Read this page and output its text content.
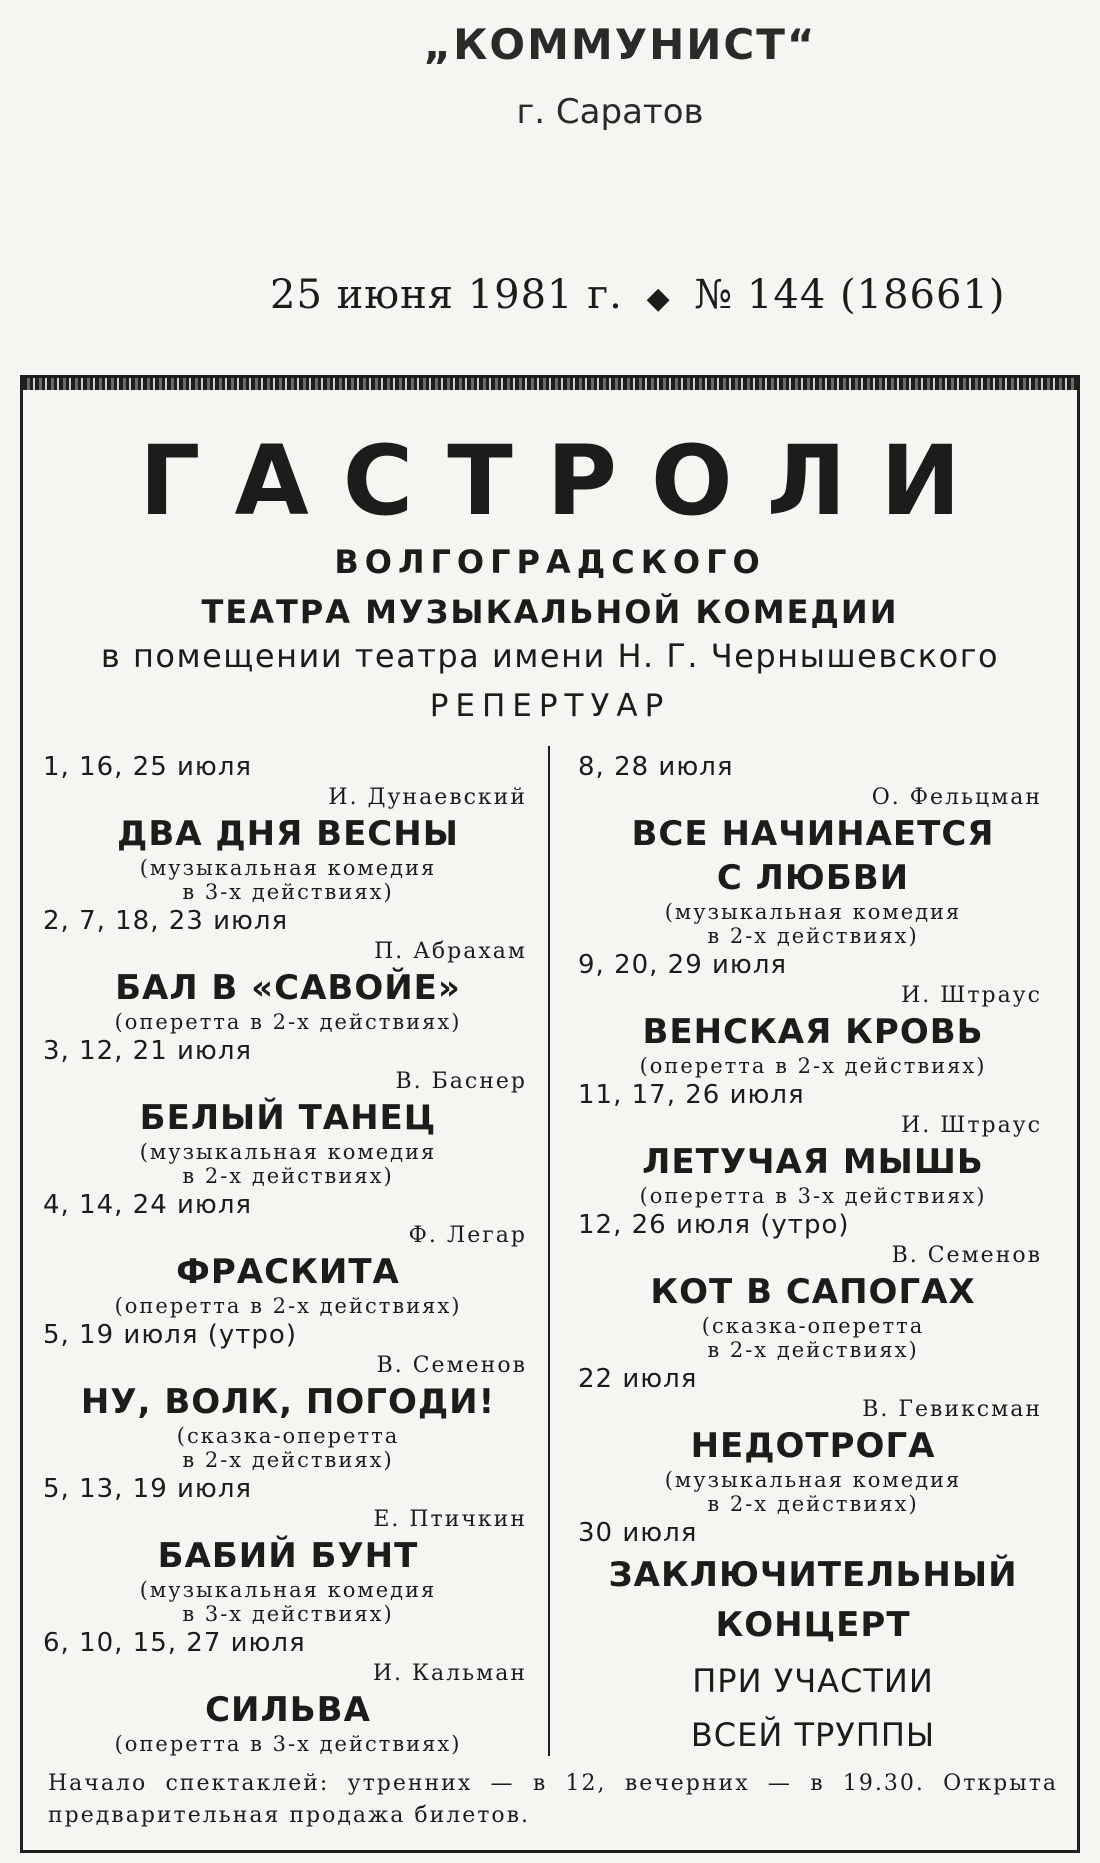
„КОММУНИСТ“
г. Саратов
25 июня 1981 г. ◆ № 144 (18661)
ГАСТРОЛИ
ВОЛГОГРАДСКОГО
ТЕАТРА МУЗЫКАЛЬНОЙ КОМЕДИИ
в помещении театра имени Н. Г. Чернышевского
РЕПЕРТУАР
1, 16, 25 июля
И. Дунаевский
ДВА ДНЯ ВЕСНЫ
(музыкальная комедия
в 3-х действиях)
2, 7, 18, 23 июля
П. Абрахам
БАЛ В «САВОЙЕ»
(оперетта в 2-х действиях)
3, 12, 21 июля
В. Баснер
БЕЛЫЙ ТАНЕЦ
(музыкальная комедия
в 2-х действиях)
4, 14, 24 июля
Ф. Легар
ФРАСКИТА
(оперетта в 2-х действиях)
5, 19 июля (утро)
В. Семенов
НУ, ВОЛК, ПОГОДИ!
(сказка-оперетта
в 2-х действиях)
5, 13, 19 июля
Е. Птичкин
БАБИЙ БУНТ
(музыкальная комедия
в 3-х действиях)
6, 10, 15, 27 июля
И. Кальман
СИЛЬВА
(оперетта в 3-х действиях)
8, 28 июля
О. Фельцман
ВСЕ НАЧИНАЕТСЯ
С ЛЮБВИ
(музыкальная комедия
в 2-х действиях)
9, 20, 29 июля
И. Штраус
ВЕНСКАЯ КРОВЬ
(оперетта в 2-х действиях)
11, 17, 26 июля
И. Штраус
ЛЕТУЧАЯ МЫШЬ
(оперетта в 3-х действиях)
12, 26 июля (утро)
В. Семенов
КОТ В САПОГАХ
(сказка-оперетта
в 2-х действиях)
22 июля
В. Гевиксман
НЕДОТРОГА
(музыкальная комедия
в 2-х действиях)
30 июля
ЗАКЛЮЧИТЕЛЬНЫЙ
КОНЦЕРТ
ПРИ УЧАСТИИ
ВСЕЙ ТРУППЫ
Начало спектаклей: утренних — в 12, вечерних — в 19.30. Открыта предварительная продажа билетов.
